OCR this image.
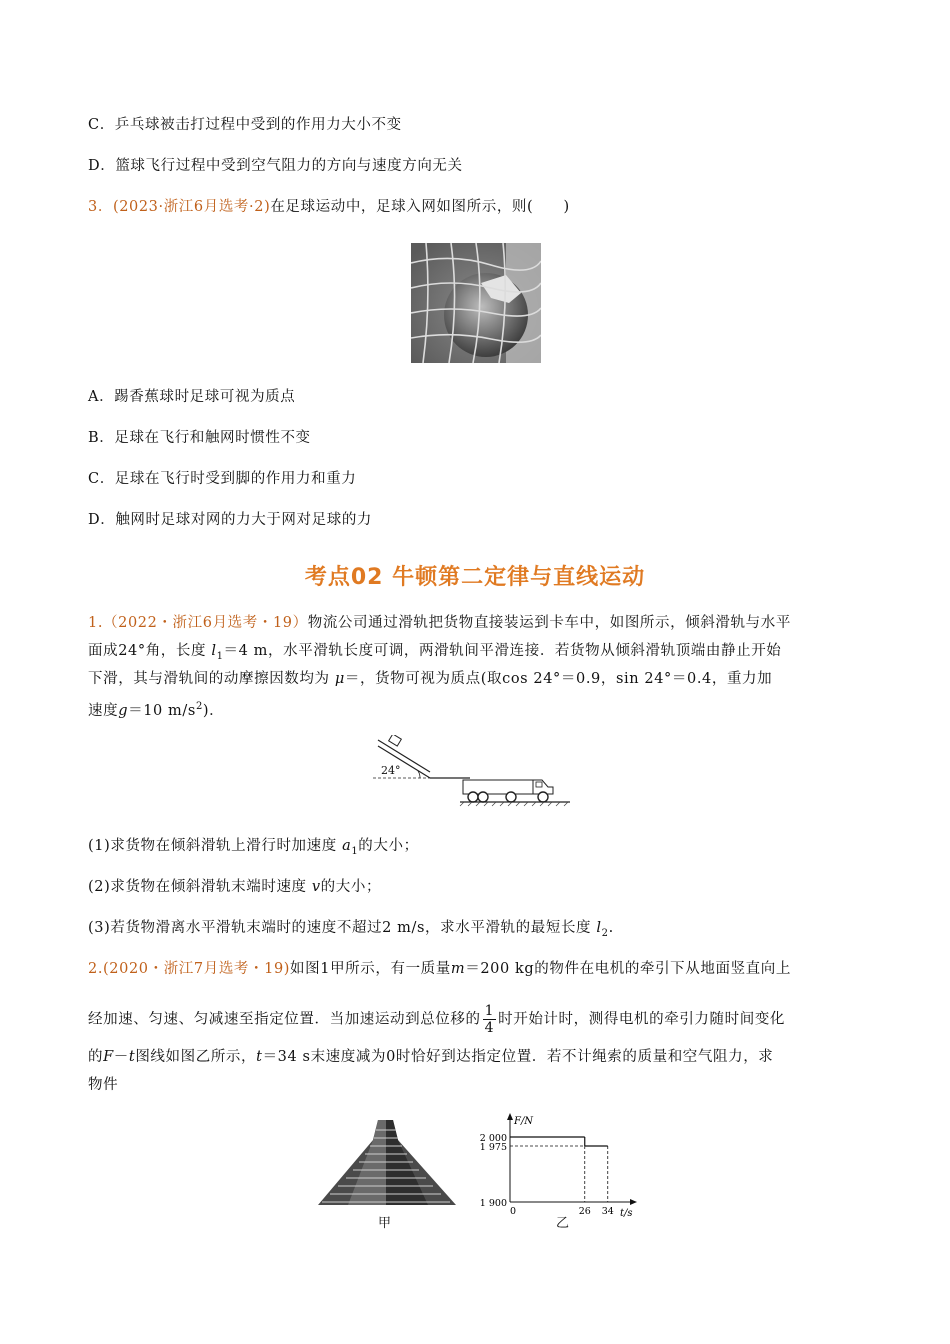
C．乒乓球被击打过程中受到的作用力大小不变
D．篮球飞行过程中受到空气阻力的方向与速度方向无关
3．(2023·浙江6月选考·2)在足球运动中，足球入网如图所示，则(　　)
A．踢香蕉球时足球可视为质点
B．足球在飞行和触网时惯性不变
C．足球在飞行时受到脚的作用力和重力
D．触网时足球对网的力大于网对足球的力
考点02 牛顿第二定律与直线运动
1.（2022・浙江6月选考・19）物流公司通过滑轨把货物直接装运到卡车中，如图所示，倾斜滑轨与水平
面成24°角，长度 $l_1=4$ m，水平滑轨长度可调，两滑轨间平滑连接．若货物从倾斜滑轨顶端由静止开始
下滑，其与滑轨间的动摩擦因数均为 μ＝，货物可视为质点(取cos 24°＝0.9，sin 24°＝0.4，重力加
速度g＝10 $m/s^2$)．
24°
(1)求货物在倾斜滑轨上滑行时加速度 $a_1$的大小；
(2)求货物在倾斜滑轨末端时速度 v的大小；
(3)若货物滑离水平滑轨末端时的速度不超过2 m/s，求水平滑轨的最短长度 $l_2$.
2.(2020・浙江7月选考・19)如图1甲所示，有一质量m＝200 kg的物件在电机的牵引下从地面竖直向上
经加速、匀速、匀减速至指定位置．当加速运动到总位移的 $\frac{1}{4}$ 时开始计时，测得电机的牵引力随时间变化
的F－t图线如图乙所示，t＝34 s末速度减为0时恰好到达指定位置．若不计绳索的质量和空气阻力，求
物件
甲
F/N
t/s
1 900
1 975
2 000
0	26 34
乙
